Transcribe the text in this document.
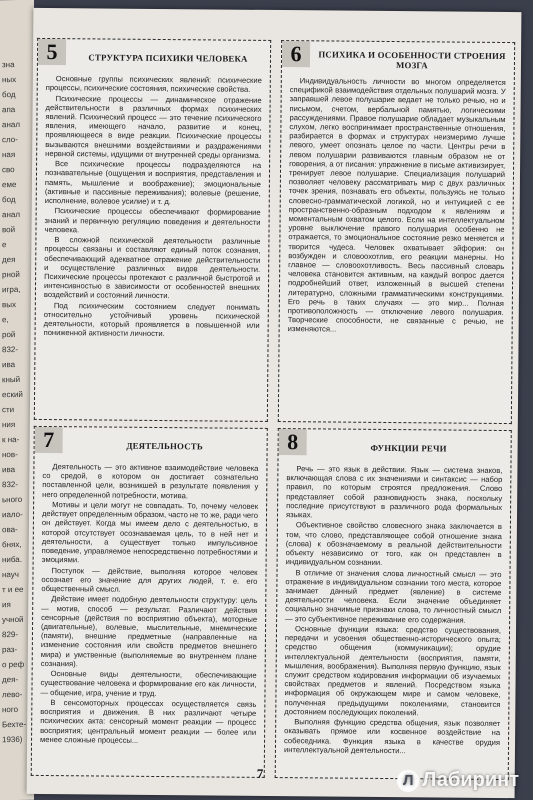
зна
ных
бод
апа
анал
сло-
ная
сво
еме
бод
анал
вой
е
дея
рной
игра,
вых
е,
рой
832-
ива
кный
еский
сти
ния
к на-
нов-
ива
832-
ьного
иало-
ова-
бнях,
ниба.
науч
т и ее
ия
учной
829-
раз-
о реф
дея-
лево-
ного
Бехте-
1936)
5	СТРУКТУРА ПСИХИКИ ЧЕЛОВЕКА

Основные группы психических явлений: психические процессы, психические состояния, психические свойства.

Психические процессы — динамическое отражение действительности в различных формах психических явлений. Психический процесс — это течение психического явления, имеющего начало, развитие и конец, проявляющееся в виде реакции. Психические процессы вызываются внешними воздействиями и раздражениями нервной системы, идущими от внутренней среды организма.

Все психические процессы подразделяются на познавательные (ощущения и восприятия, представления и память, мышление и воображение); эмоциональные (активные и пассивные переживания); волевые (решение, исполнение, волевое усилие) и т. д.

Психические процессы обеспечивают формирование знаний и первичную регуляцию поведения и деятельности человека.

В сложной психической деятельности различные процессы связаны и составляют единый поток сознания, обеспечивающий адекватное отражение действительности и осуществление различных видов деятельности. Психические процессы протекают с различной быстротой и интенсивностью в зависимости от особенностей внешних воздействий и состояний личности.

Под психическим состоянием следует понимать относительно устойчивый уровень психической деятельности, который проявляется в повышенной или пониженной активности личности.

6	ПСИХИКА И ОСОБЕННОСТИ СТРОЕНИЯ МОЗГА

Индивидуальность личности во многом определяется спецификой взаимодействия отдельных полушарий мозга. У заправшей левое полушарие ведает не только речью, но и письмом, счетом, вербальной памятью, логическими рассуждениями. Правое полушарие обладает музыкальным слухом, легко воспринимает пространственные отношения, разбирается в формах и структурах неизмеримо лучше левого, умеет опознать целое по части. Центры речи в левом полушарии развиваются главным образом не от говорения, а от писания: упражнение в письме активизирует, тренирует левое полушарие. Специализация полушарий позволяет человеку рассматривать мир с двух различных точек зрения, познавать его объекты, пользуясь не только словесно-грамматической логикой, но и интуицией с ее пространственно-образным подходом к явлениям и моментальным охватом целого. Если на интеллектуальном уровне выключение правого полушария особенно не отражается, то эмоциональное состояние резко меняется и творится чудеса. Человек охватывает эйфория: он возбужден и словоохотлив, его реакции манерны. Но главное — словоохотливость. Весь пассивный словарь человека становится активным, на каждый вопрос дается подробнейший ответ, изложенный в высшей степени литературно, сложными грамматическими конструкциями. Его речь в таких случаях — это мир... Полная противоположность — отключение левого полушария. Творческие способности, не связанные с речью, не изменяются...

7	ДЕЯТЕЛЬНОСТЬ

Деятельность — это активное взаимодействие человека со средой, в котором он достигает сознательно поставленной цели, возникшей в результате появления у него определенной потребности, мотива.

Мотивы и цели могут не совпадать. То, почему человек действует определенным образом, часто не то же, ради чего он действует. Когда мы имеем дело с деятельностью, в которой отсутствует осознаваемая цель, то в ней нет и деятельности, а существует только импульсивное поведение, управляемое непосредственно потребностями и эмоциями.

Поступок — действие, выполняя которое человек осознает его значение для других людей, т. е. его общественный смысл.

Действие имеет подобную деятельности структуру: цель — мотив, способ — результат. Различают действия сенсорные (действия по восприятию объекта), моторные (двигательные), волевые, мыслительные, мнемические (памяти), внешние предметные (направленные на изменение состояния или свойств предметов внешнего мира) и умственные (выполняемые во внутреннем плане сознания).

Основные виды деятельности, обеспечивающие существование человека и формирование его как личности, — общение, игра, учение и труд.

В сенсомоторных процессах осуществляется связь восприятия и движения. В них различают четыре психических акта: сенсорный момент реакции — процесс восприятия; центральный момент реакции — более или менее сложные процессы...

8	ФУНКЦИИ РЕЧИ

Речь — это язык в действии. Язык — система знаков, включающая слова с их значениями и синтаксис — набор правил, по которым строятся предложения. Слово представляет собой разновидность знака, поскольку последние присутствуют в различного рода формальных языках.

Объективное свойство словесного знака заключается в том, что слово, представляющее собой отношение знака (слова) к обозначаемому в реальной действительности объекту независимо от того, как он представлен в индивидуальном сознании.

В отличие от значения слова личностный смысл — это отражение в индивидуальном сознании того места, которое занимает данный предмет (явление) в системе деятельности человека. Если значение объединяет социально значимые признаки слова, то личностный смысл — это субъективное переживание его содержания.

Основные функции языка: средство существования, передачи и усвоения общественно-исторического опыта; средство общения (коммуникации); орудие интеллектуальной деятельности (восприятия, памяти, мышления, воображения). Выполняя первую функцию, язык служит средством кодирования информации об изучаемых свойствах предметов и явлений. Посредством языка информация об окружающем мире и самом человеке, полученная предыдущими поколениями, становится достоянием последующих поколений.

Выполняя функцию средства общения, язык позволяет оказывать прямое или косвенное воздействие на собеседника. Функция языка в качестве орудия интеллектуальной деятельности...

7	Л Лабиринт
